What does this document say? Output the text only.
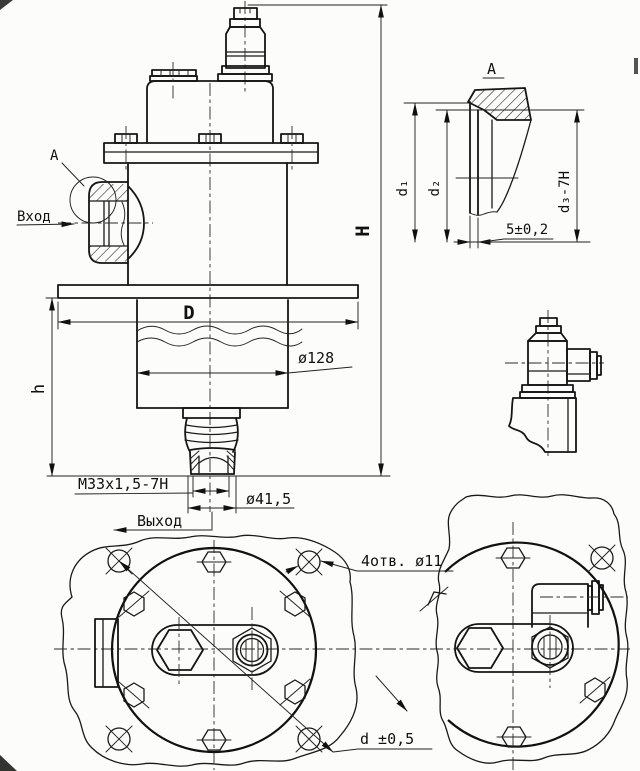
A
Вход
H
h
D
ø128
M33x1,5-7H
ø41,5
Выход
A
d₁ d₂	d₃-7H
5±0,2
d ±0,5
4отв. ø11
